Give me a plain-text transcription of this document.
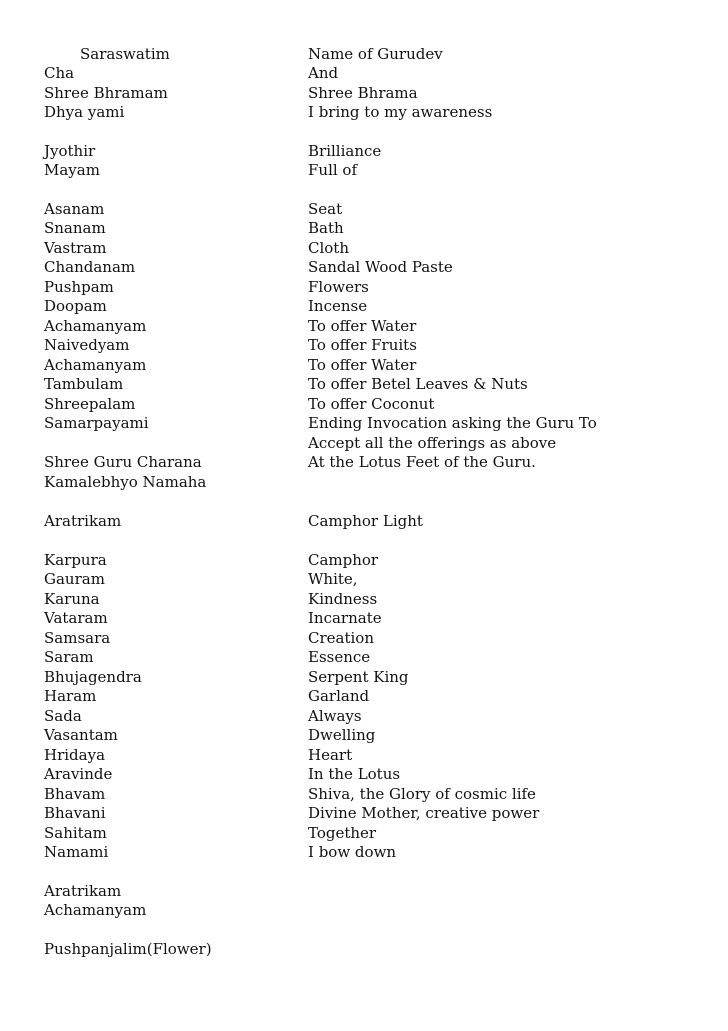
Saraswatim	Name of Gurudev
Cha	And
Shree Bhramam	Shree Bhrama
Dhya yami	I bring to my awareness
Jyothir	Brilliance
Mayam	Full of
Asanam	Seat
Snanam	Bath
Vastram	Cloth
Chandanam	Sandal Wood Paste
Pushpam	Flowers
Doopam	Incense
Achamanyam	To offer Water
Naivedyam	To offer Fruits
Achamanyam	To offer Water
Tambulam	To offer Betel Leaves & Nuts
Shreepalam	To offer Coconut
Samarpayami	Ending Invocation asking the Guru To
Accept all the offerings as above
Shree Guru Charana	At the Lotus Feet of the Guru.
Kamalebhyo Namaha
Aratrikam	Camphor Light
Karpura	Camphor
Gauram	White,
Karuna	Kindness
Vataram	Incarnate
Samsara	Creation
Saram	Essence
Bhujagendra	Serpent King
Haram	Garland
Sada	Always
Vasantam	Dwelling
Hridaya	Heart
Aravinde	In the Lotus
Bhavam	Shiva, the Glory of cosmic life
Bhavani	Divine Mother, creative power
Sahitam	Together
Namami	I bow down
Aratrikam
Achamanyam
Pushpanjalim(Flower)
